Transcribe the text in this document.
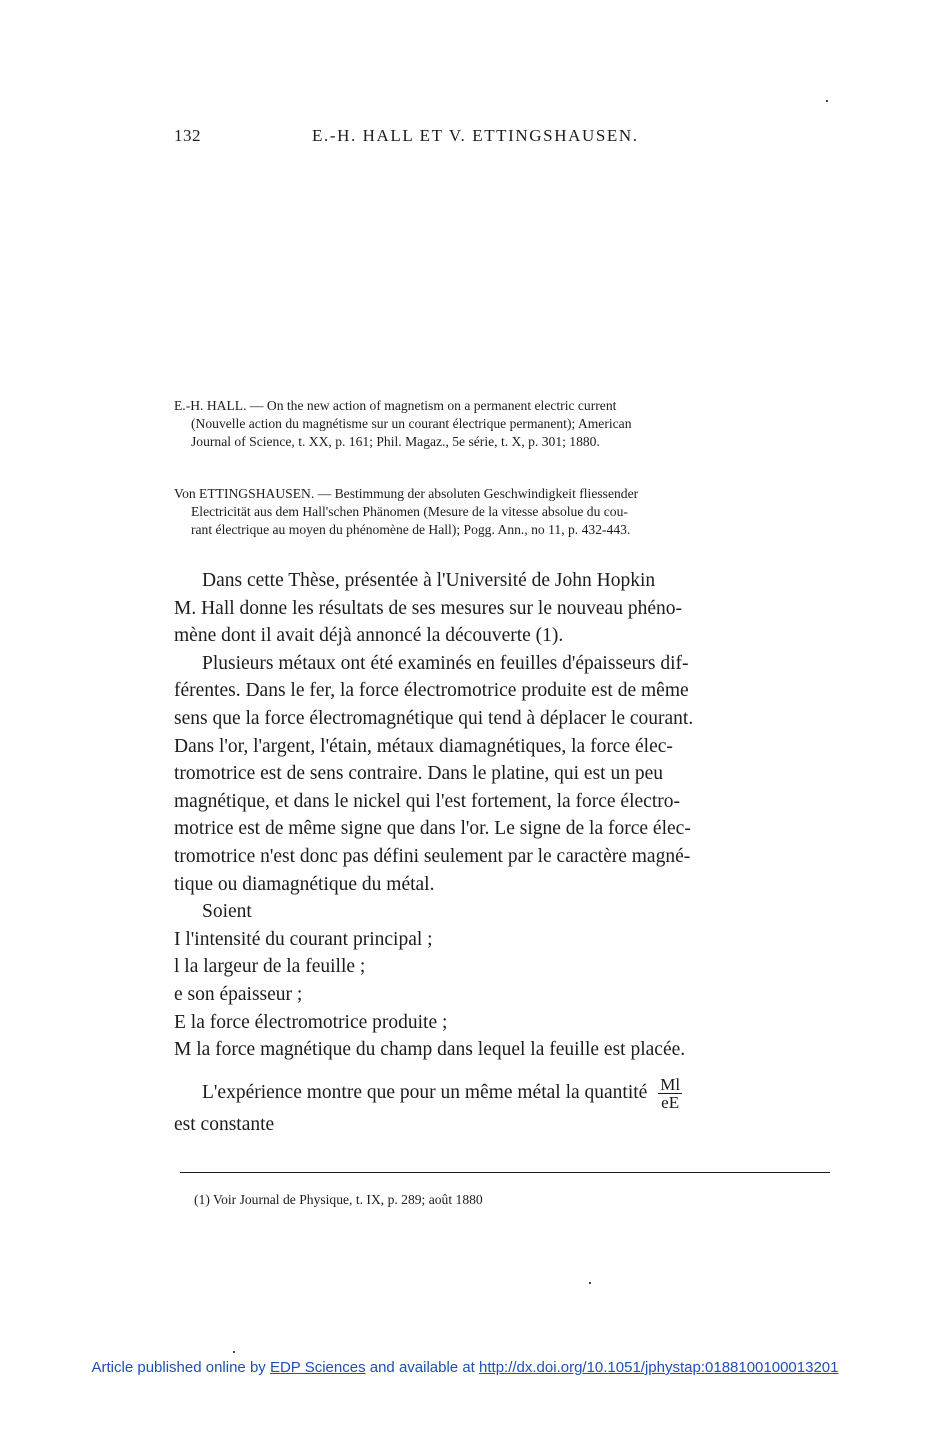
132	E.-H. HALL ET V. ETTINGSHAUSEN.
E.-H. HALL. — On the new action of magnetism on a permanent electric current
(Nouvelle action du magnétisme sur un courant électrique permanent); American
Journal of Science, t. XX, p. 161; Phil. Magaz., 5e série, t. X, p. 301; 1880.
Von ETTINGSHAUSEN. — Bestimmung der absoluten Geschwindigkeit fliessender
Electricität aus dem Hall'schen Phänomen (Mesure de la vitesse absolue du cou-
rant électrique au moyen du phénomène de Hall); Pogg. Ann., no 11, p. 432-443.
Dans cette Thèse, présentée à l'Université de John Hopkin
M. Hall donne les résultats de ses mesures sur le nouveau phéno-
mène dont il avait déjà annoncé la découverte (1).
Plusieurs métaux ont été examinés en feuilles d'épaisseurs dif-
férentes. Dans le fer, la force électromotrice produite est de même
sens que la force électromagnétique qui tend à déplacer le courant.
Dans l'or, l'argent, l'étain, métaux diamagnétiques, la force élec-
tromotrice est de sens contraire. Dans le platine, qui est un peu
magnétique, et dans le nickel qui l'est fortement, la force électro-
motrice est de même signe que dans l'or. Le signe de la force élec-
tromotrice n'est donc pas défini seulement par le caractère magné-
tique ou diamagnétique du métal.
Soient
I l'intensité du courant principal ;
l la largeur de la feuille ;
e son épaisseur ;
E la force électromotrice produite ;
M la force magnétique du champ dans lequel la feuille est placée.
L'expérience montre que pour un même métal la quantité $\frac{Ml}{eE}$
est constante
(1) Voir Journal de Physique, t. IX, p. 289; août 1880
Article published online by EDP Sciences and available at http://dx.doi.org/10.1051/jphystap:0188100100013201
